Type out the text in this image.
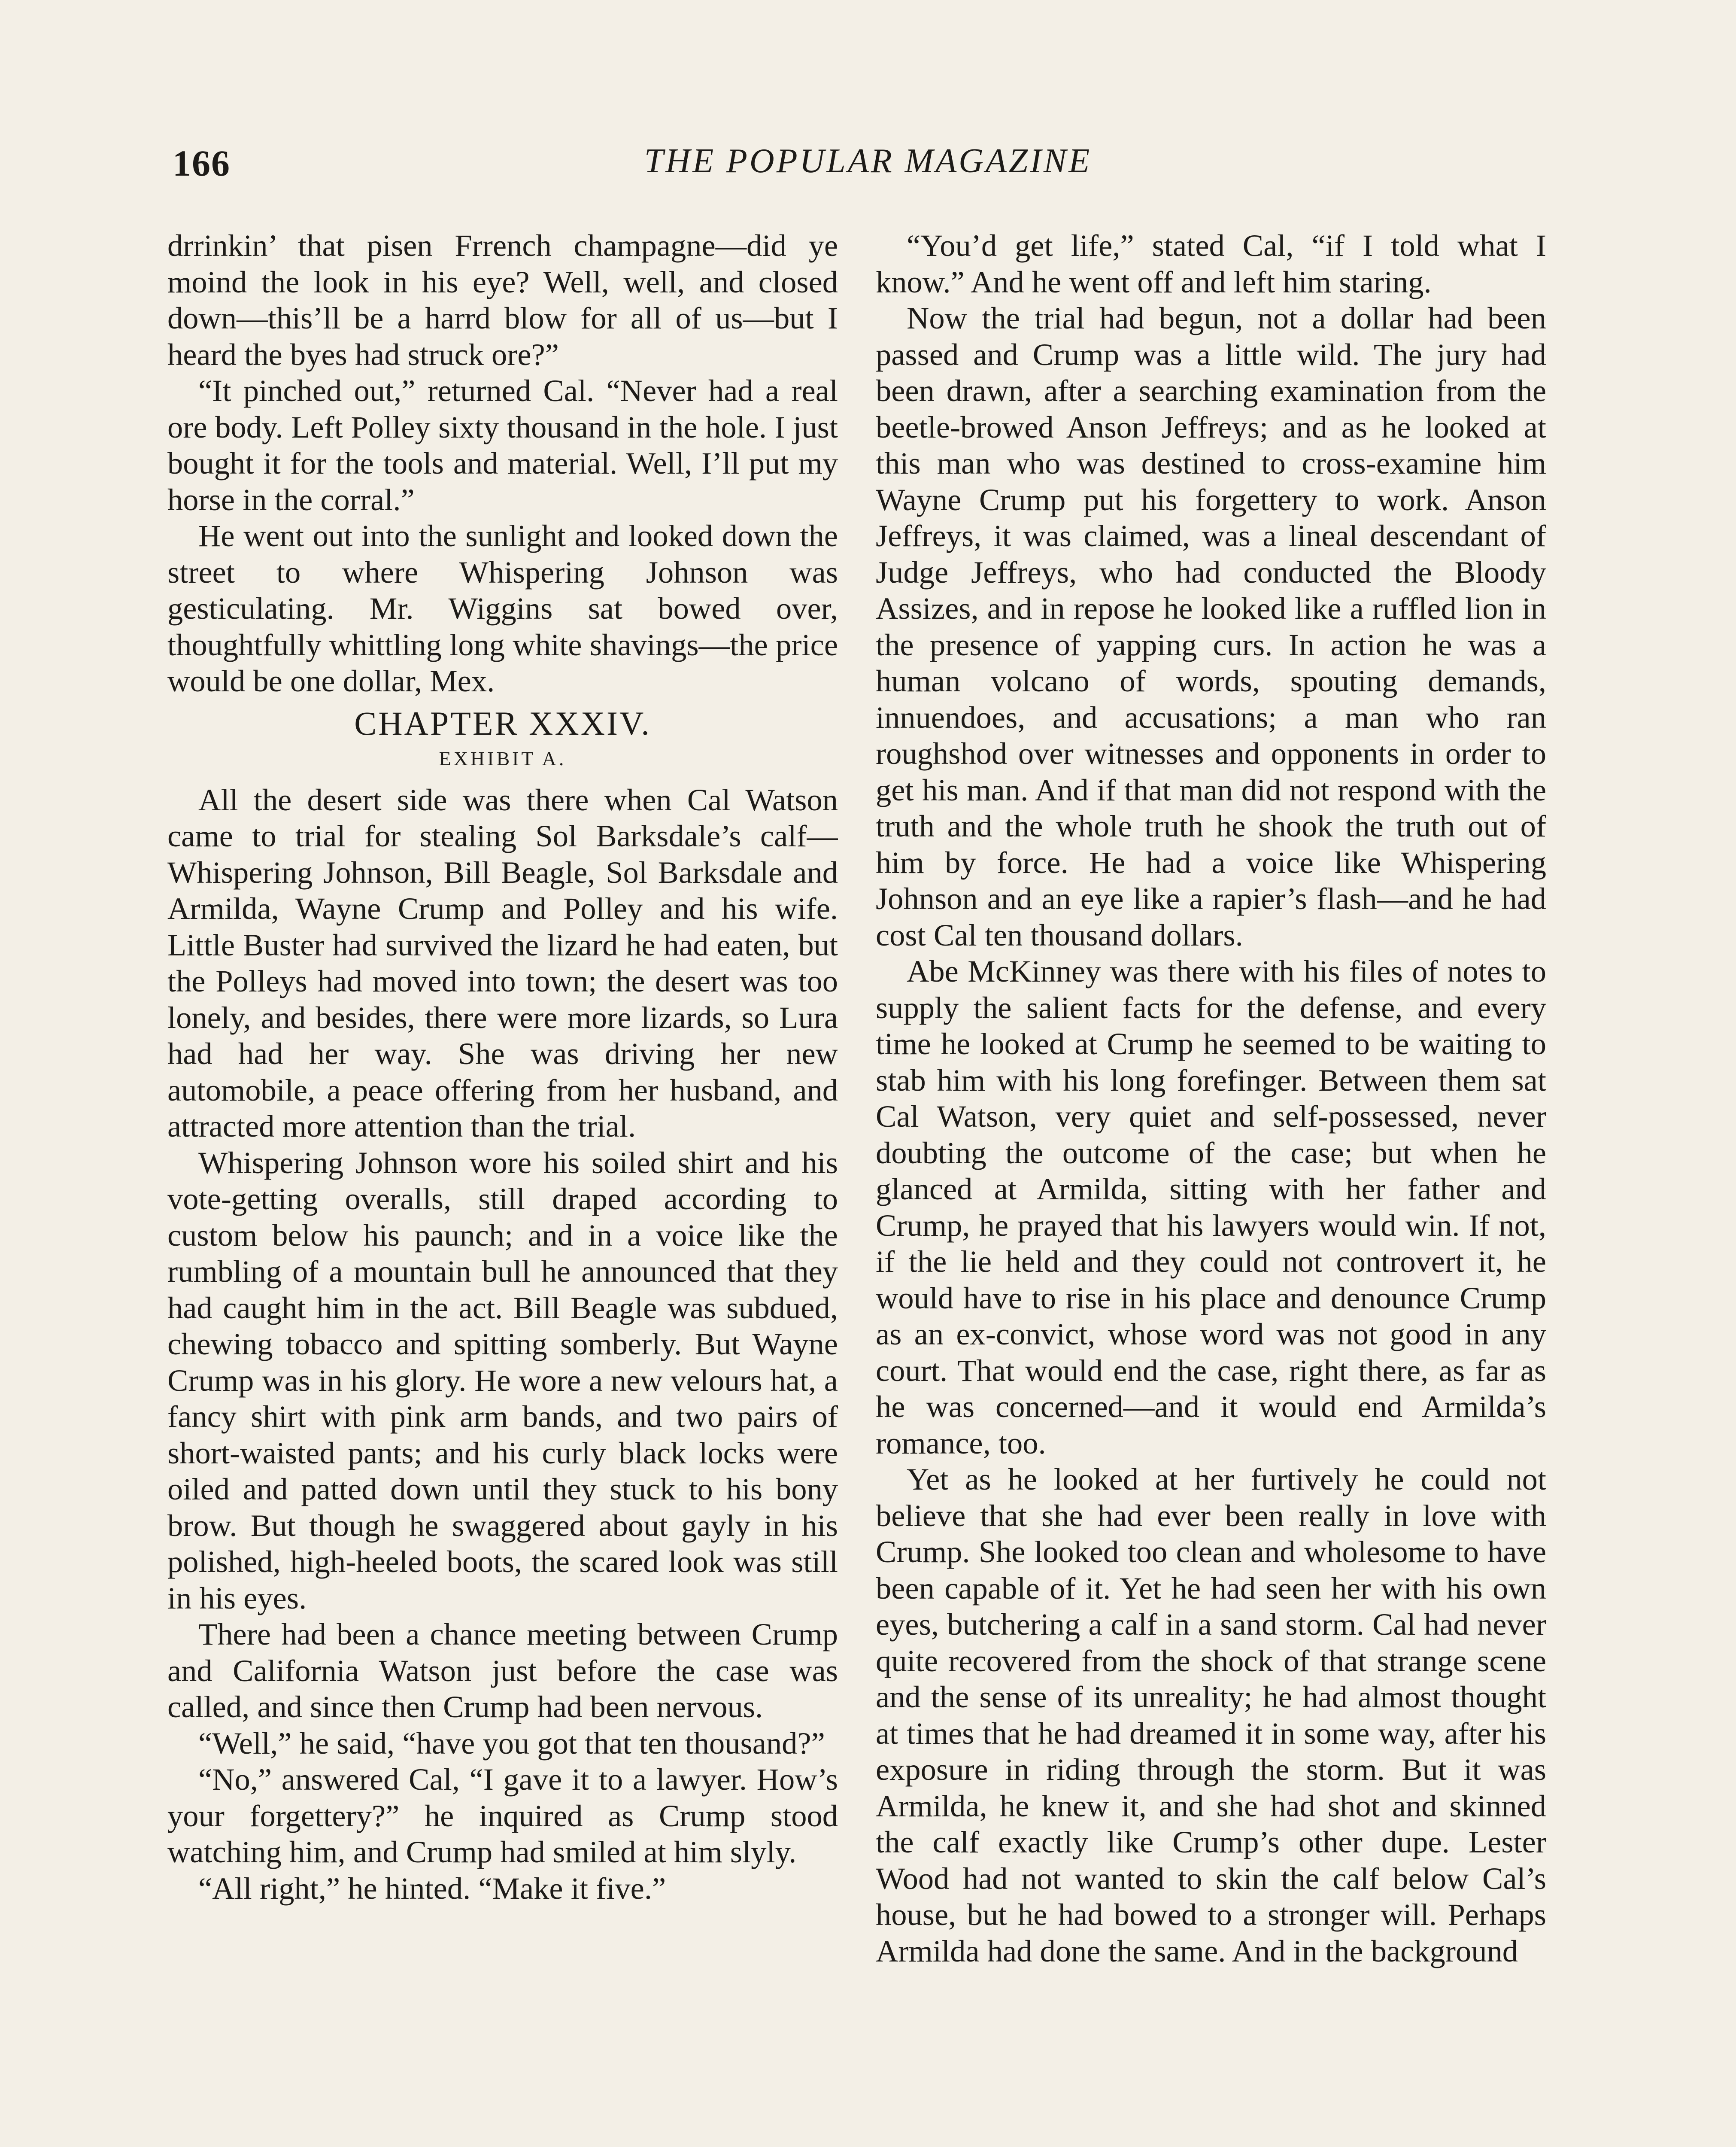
166	THE POPULAR MAGAZINE

drrinkin’ that pisen Frrench champagne—did ye moind the look in his eye? Well, well, and closed down—this’ll be a harrd blow for all of us—but I heard the byes had struck ore?”

“It pinched out,” returned Cal. “Never had a real ore body. Left Polley sixty thousand in the hole. I just bought it for the tools and material. Well, I’ll put my horse in the corral.”

He went out into the sunlight and looked down the street to where Whispering Johnson was gesticulating. Mr. Wiggins sat bowed over, thoughtfully whittling long white shavings—the price would be one dollar, Mex.

CHAPTER XXXIV.
EXHIBIT A.

All the desert side was there when Cal Watson came to trial for stealing Sol Barksdale’s calf—Whispering Johnson, Bill Beagle, Sol Barksdale and Armilda, Wayne Crump and Polley and his wife. Little Buster had survived the lizard he had eaten, but the Polleys had moved into town; the desert was too lonely, and besides, there were more lizards, so Lura had had her way. She was driving her new automobile, a peace offering from her husband, and attracted more attention than the trial.

Whispering Johnson wore his soiled shirt and his vote-getting overalls, still draped according to custom below his paunch; and in a voice like the rumbling of a mountain bull he announced that they had caught him in the act. Bill Beagle was subdued, chewing tobacco and spitting somberly. But Wayne Crump was in his glory. He wore a new velours hat, a fancy shirt with pink arm bands, and two pairs of short-waisted pants; and his curly black locks were oiled and patted down until they stuck to his bony brow. But though he swaggered about gayly in his polished, high-heeled boots, the scared look was still in his eyes.

There had been a chance meeting between Crump and California Watson just before the case was called, and since then Crump had been nervous.

“Well,” he said, “have you got that ten thousand?”

“No,” answered Cal, “I gave it to a lawyer. How’s your forgettery?” he inquired as Crump stood watching him, and Crump had smiled at him slyly.

“All right,” he hinted. “Make it five.”

“You’d get life,” stated Cal, “if I told what I know.” And he went off and left him staring.

Now the trial had begun, not a dollar had been passed and Crump was a little wild. The jury had been drawn, after a searching examination from the beetle-browed Anson Jeffreys; and as he looked at this man who was destined to cross-examine him Wayne Crump put his forgettery to work. Anson Jeffreys, it was claimed, was a lineal descendant of Judge Jeffreys, who had conducted the Bloody Assizes, and in repose he looked like a ruffled lion in the presence of yapping curs. In action he was a human volcano of words, spouting demands, innuendoes, and accusations; a man who ran roughshod over witnesses and opponents in order to get his man. And if that man did not respond with the truth and the whole truth he shook the truth out of him by force. He had a voice like Whispering Johnson and an eye like a rapier’s flash—and he had cost Cal ten thousand dollars.

Abe McKinney was there with his files of notes to supply the salient facts for the defense, and every time he looked at Crump he seemed to be waiting to stab him with his long forefinger. Between them sat Cal Watson, very quiet and self-possessed, never doubting the outcome of the case; but when he glanced at Armilda, sitting with her father and Crump, he prayed that his lawyers would win. If not, if the lie held and they could not controvert it, he would have to rise in his place and denounce Crump as an ex-convict, whose word was not good in any court. That would end the case, right there, as far as he was concerned—and it would end Armilda’s romance, too.

Yet as he looked at her furtively he could not believe that she had ever been really in love with Crump. She looked too clean and wholesome to have been capable of it. Yet he had seen her with his own eyes, butchering a calf in a sand storm. Cal had never quite recovered from the shock of that strange scene and the sense of its unreality; he had almost thought at times that he had dreamed it in some way, after his exposure in riding through the storm. But it was Armilda, he knew it, and she had shot and skinned the calf exactly like Crump’s other dupe. Lester Wood had not wanted to skin the calf below Cal’s house, but he had bowed to a stronger will. Perhaps Armilda had done the same. And in the background
